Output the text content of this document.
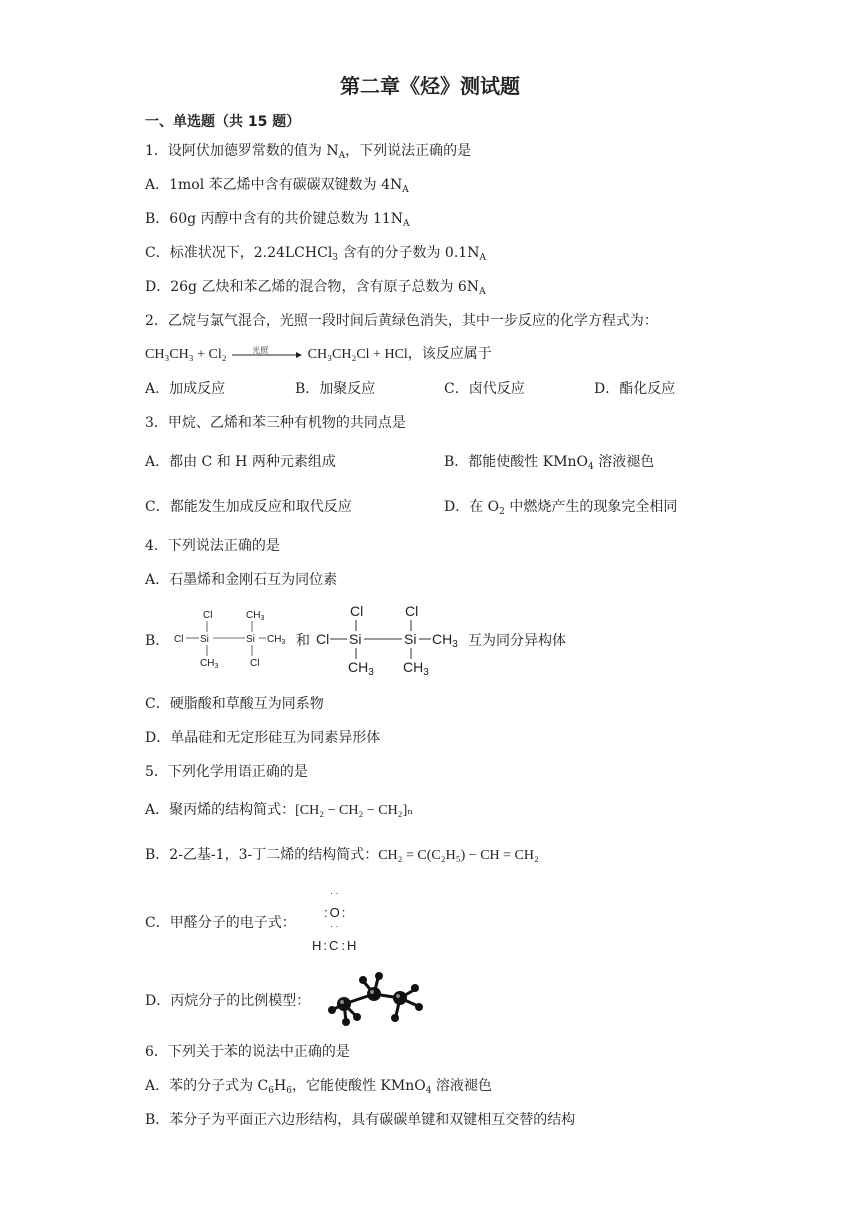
第二章《烃》测试题
一、单选题（共 15 题）
1．设阿伏加德罗常数的值为 $N_A$，下列说法正确的是
A．1mol 苯乙烯中含有碳碳双键数为 $4N_A$
B．60g 丙醇中含有的共价键总数为 $11N_A$
C．标准状况下，2.24LCHCl$_3$ 含有的分子数为 $0.1N_A$
D．26g 乙炔和苯乙烯的混合物，含有原子总数为 $6N_A$
2．乙烷与氯气混合，光照一段时间后黄绿色消失，其中一步反应的化学方程式为：
CH₃CH₃ + Cl₂	光照	CH₃CH₂Cl + HCl，该反应属于
A．加成反应	B．加聚反应	C．卤代反应	D．酯化反应
3．甲烷、乙烯和苯三种有机物的共同点是
A．都由 C 和 H 两种元素组成	B．都能使酸性 KMnO$_4$ 溶液褪色
C．都能发生加成反应和取代反应	D．在 $O_2$ 中燃烧产生的现象完全相同
4．下列说法正确的是
A．石墨烯和金刚石互为同位素
B．
Cl
Cl Si
$CH_3$
$CH_3$
Si
Cl
$CH_3$ 和
Cl
Cl Si
$CH_3$
Cl
Si
$CH_3$
$CH_3$ 互为同分异构体
C．硬脂酸和草酸互为同系物
D．单晶硅和无定形硅互为同素异形体
5．下列化学用语正确的是
A．聚丙烯的结构简式：[CH₂ − CH₂ − CH₂]ₙ
B．2-乙基-1，3-丁二烯的结构简式：CH₂ = C(C₂H₅) − CH = CH₂
C．甲醛分子的电子式：
· ·
: O :
· ·
H : C : H
D．丙烷分子的比例模型：
6．下列关于苯的说法中正确的是
A．苯的分子式为 $C_6H_6$，它能使酸性 KMnO$_4$ 溶液褪色
B．苯分子为平面正六边形结构，具有碳碳单键和双键相互交替的结构
